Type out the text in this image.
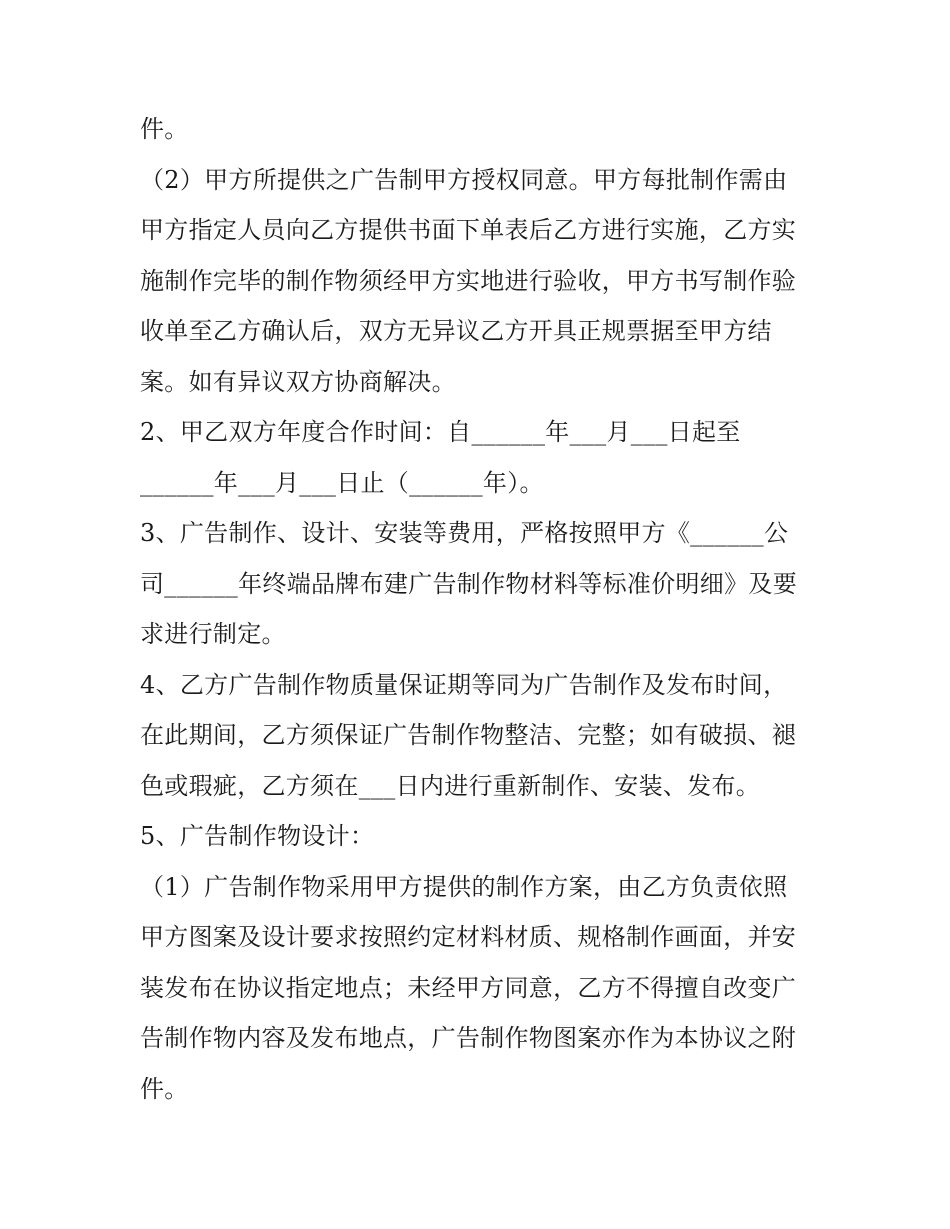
件。
（2）甲方所提供之广告制甲方授权同意。甲方每批制作需由
甲方指定人员向乙方提供书面下单表后乙方进行实施，乙方实
施制作完毕的制作物须经甲方实地进行验收，甲方书写制作验
收单至乙方确认后，双方无异议乙方开具正规票据至甲方结
案。如有异议双方协商解决。
2、甲乙双方年度合作时间：自______年___月___日起至
______年___月___日止（______年）。
3、广告制作、设计、安装等费用，严格按照甲方《______公
司______年终端品牌布建广告制作物材料等标准价明细》及要
求进行制定。
4、乙方广告制作物质量保证期等同为广告制作及发布时间，
在此期间，乙方须保证广告制作物整洁、完整；如有破损、褪
色或瑕疵，乙方须在___日内进行重新制作、安装、发布。
5、广告制作物设计：
（1）广告制作物采用甲方提供的制作方案，由乙方负责依照
甲方图案及设计要求按照约定材料材质、规格制作画面，并安
装发布在协议指定地点；未经甲方同意，乙方不得擅自改变广
告制作物内容及发布地点，广告制作物图案亦作为本协议之附
件。
